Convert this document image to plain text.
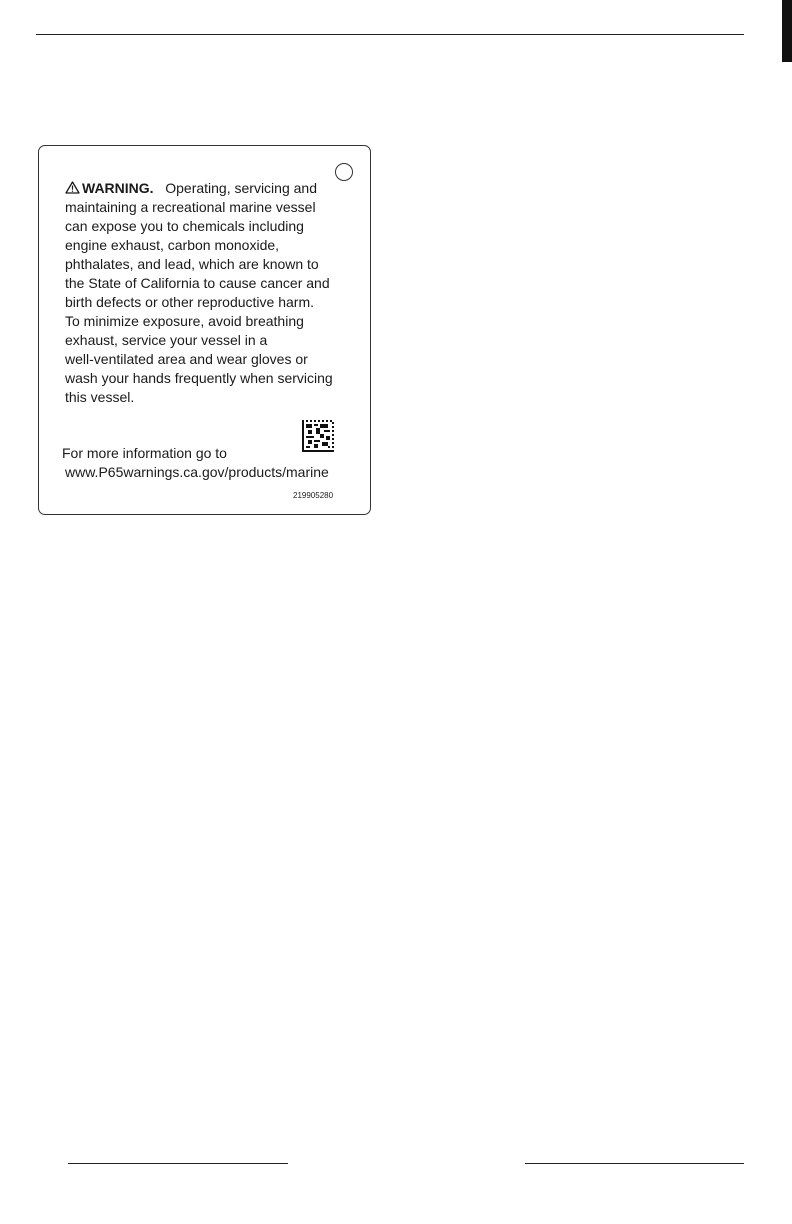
WARNING. Operating, servicing and
maintaining a recreational marine vessel
can expose you to chemicals including
engine exhaust, carbon monoxide,
phthalates, and lead, which are known to
the State of California to cause cancer and
birth defects or other reproductive harm.
To minimize exposure, avoid breathing
exhaust, service your vessel in a
well-ventilated area and wear gloves or
wash your hands frequently when servicing
this vessel.

For more information go to

www.P65warnings.ca.gov/products/marine

219905280
